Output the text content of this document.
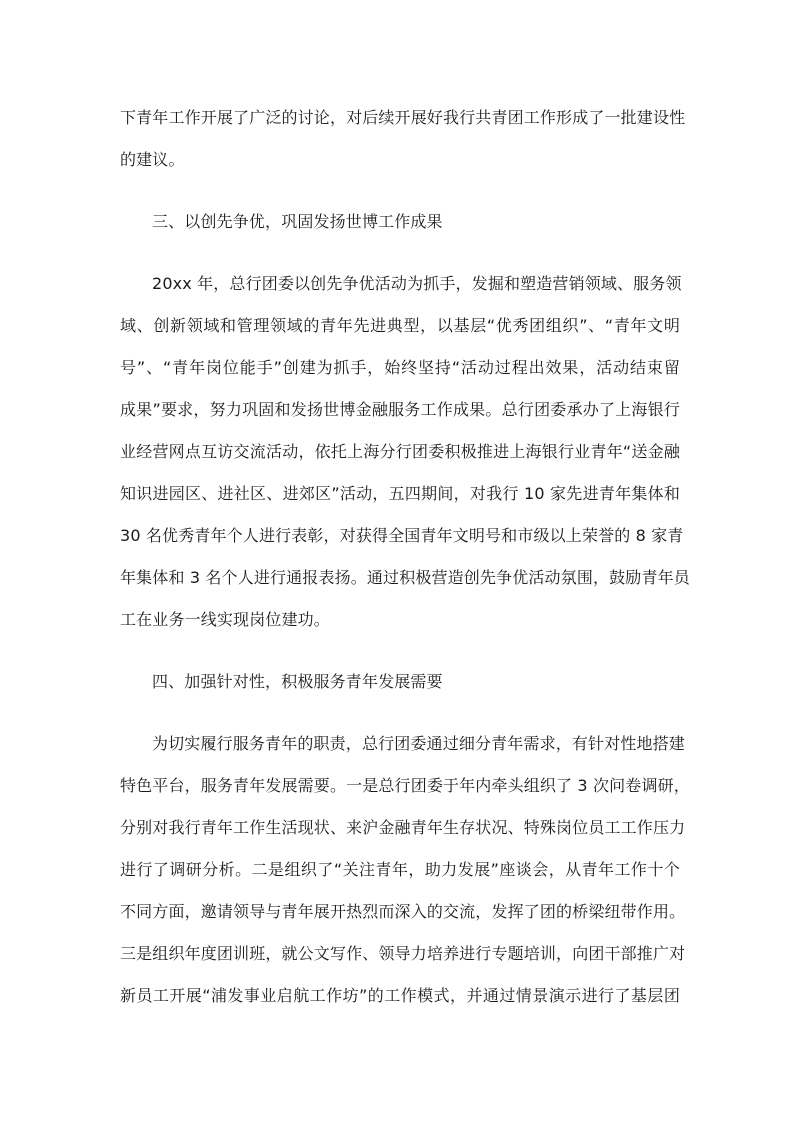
下青年工作开展了广泛的讨论，对后续开展好我行共青团工作形成了一批建设性
的建议。
三、以创先争优，巩固发扬世博工作成果
20xx 年，总行团委以创先争优活动为抓手，发掘和塑造营销领域、服务领
域、创新领域和管理领域的青年先进典型，以基层“优秀团组织”、“青年文明
号”、“青年岗位能手”创建为抓手，始终坚持“活动过程出效果，活动结束留
成果”要求，努力巩固和发扬世博金融服务工作成果。总行团委承办了上海银行
业经营网点互访交流活动，依托上海分行团委积极推进上海银行业青年“送金融
知识进园区、进社区、进郊区”活动，五四期间，对我行 10 家先进青年集体和
30 名优秀青年个人进行表彰，对获得全国青年文明号和市级以上荣誉的 8 家青
年集体和 3 名个人进行通报表扬。通过积极营造创先争优活动氛围，鼓励青年员
工在业务一线实现岗位建功。
四、加强针对性，积极服务青年发展需要
为切实履行服务青年的职责，总行团委通过细分青年需求，有针对性地搭建
特色平台，服务青年发展需要。一是总行团委于年内牵头组织了 3 次问卷调研，
分别对我行青年工作生活现状、来沪金融青年生存状况、特殊岗位员工工作压力
进行了调研分析。二是组织了“关注青年，助力发展”座谈会，从青年工作十个
不同方面，邀请领导与青年展开热烈而深入的交流，发挥了团的桥梁纽带作用。
三是组织年度团训班，就公文写作、领导力培养进行专题培训，向团干部推广对
新员工开展“浦发事业启航工作坊”的工作模式，并通过情景演示进行了基层团
